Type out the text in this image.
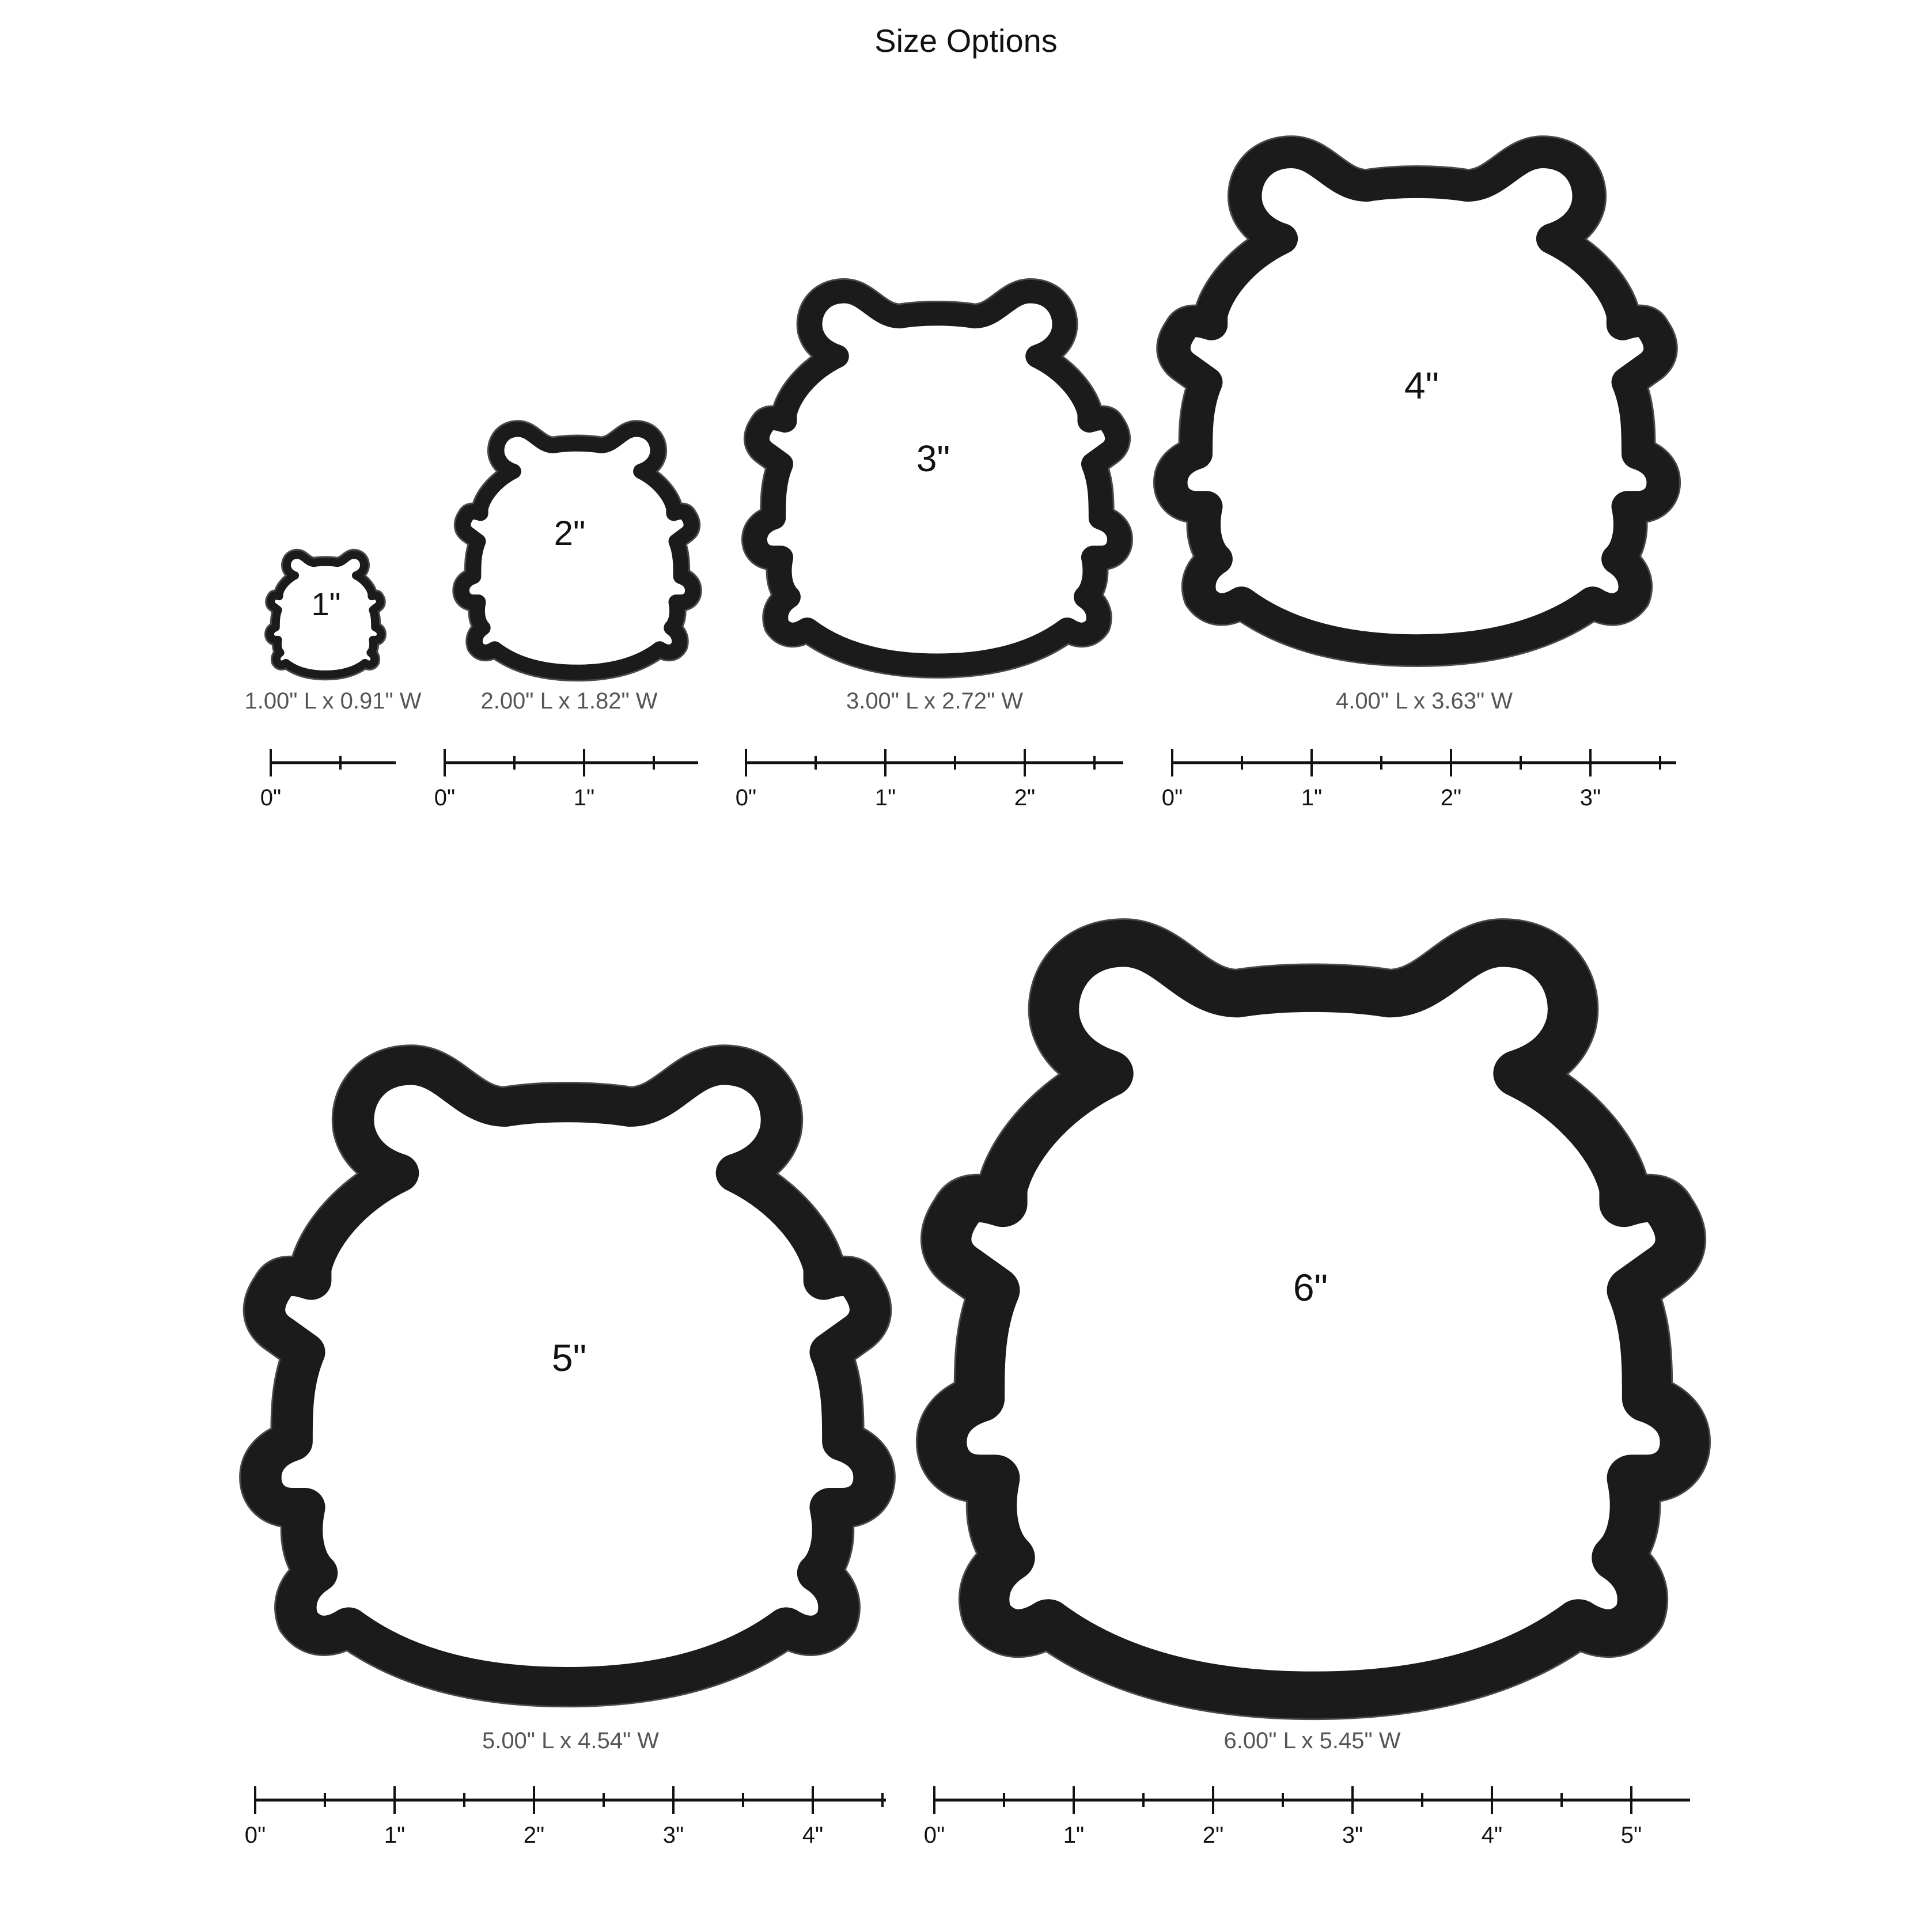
Size Options
1"
1.00" L x 0.91" W
2"
2.00" L x 1.82" W
3"
3.00" L x 2.72" W
4"
4.00" L x 3.63" W
5"
5.00" L x 4.54" W
6"
6.00" L x 5.45" W
0"	0"	1"	0"	1"	2"	0"	1"	2"	3"
0"	1"	2"	3"	4"	0"	1"	2"	3"	4"	5"
